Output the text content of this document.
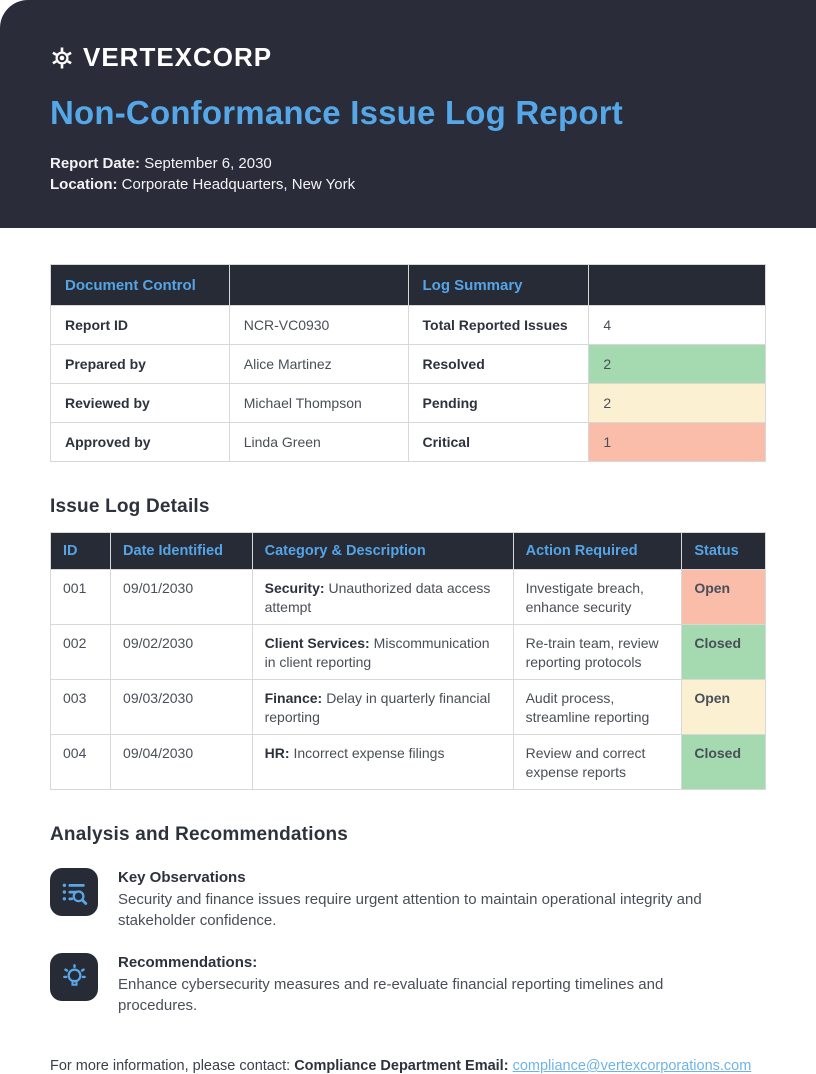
VERTEXCORP
Non-Conformance Issue Log Report
Report Date: September 6, 2030
Location: Corporate Headquarters, New York
Document Control		Log Summary	
Report ID	NCR-VC0930	Total Reported Issues	4
Prepared by	Alice Martinez	Resolved	2
Reviewed by	Michael Thompson	Pending	2
Approved by	Linda Green	Critical	1
Issue Log Details
ID	Date Identified	Category & Description	Action Required	Status
001	09/01/2030	Security: Unauthorized data access attempt	Investigate breach, enhance security	Open
002	09/02/2030	Client Services: Miscommunication in client reporting	Re-train team, review reporting protocols	Closed
003	09/03/2030	Finance: Delay in quarterly financial reporting	Audit process, streamline reporting	Open
004	09/04/2030	HR: Incorrect expense filings	Review and correct expense reports	Closed
Analysis and Recommendations
Key Observations
Security and finance issues require urgent attention to maintain operational integrity and stakeholder confidence.
Recommendations:
Enhance cybersecurity measures and re-evaluate financial reporting timelines and procedures.
For more information, please contact: Compliance Department Email: compliance@vertexcorporations.com
